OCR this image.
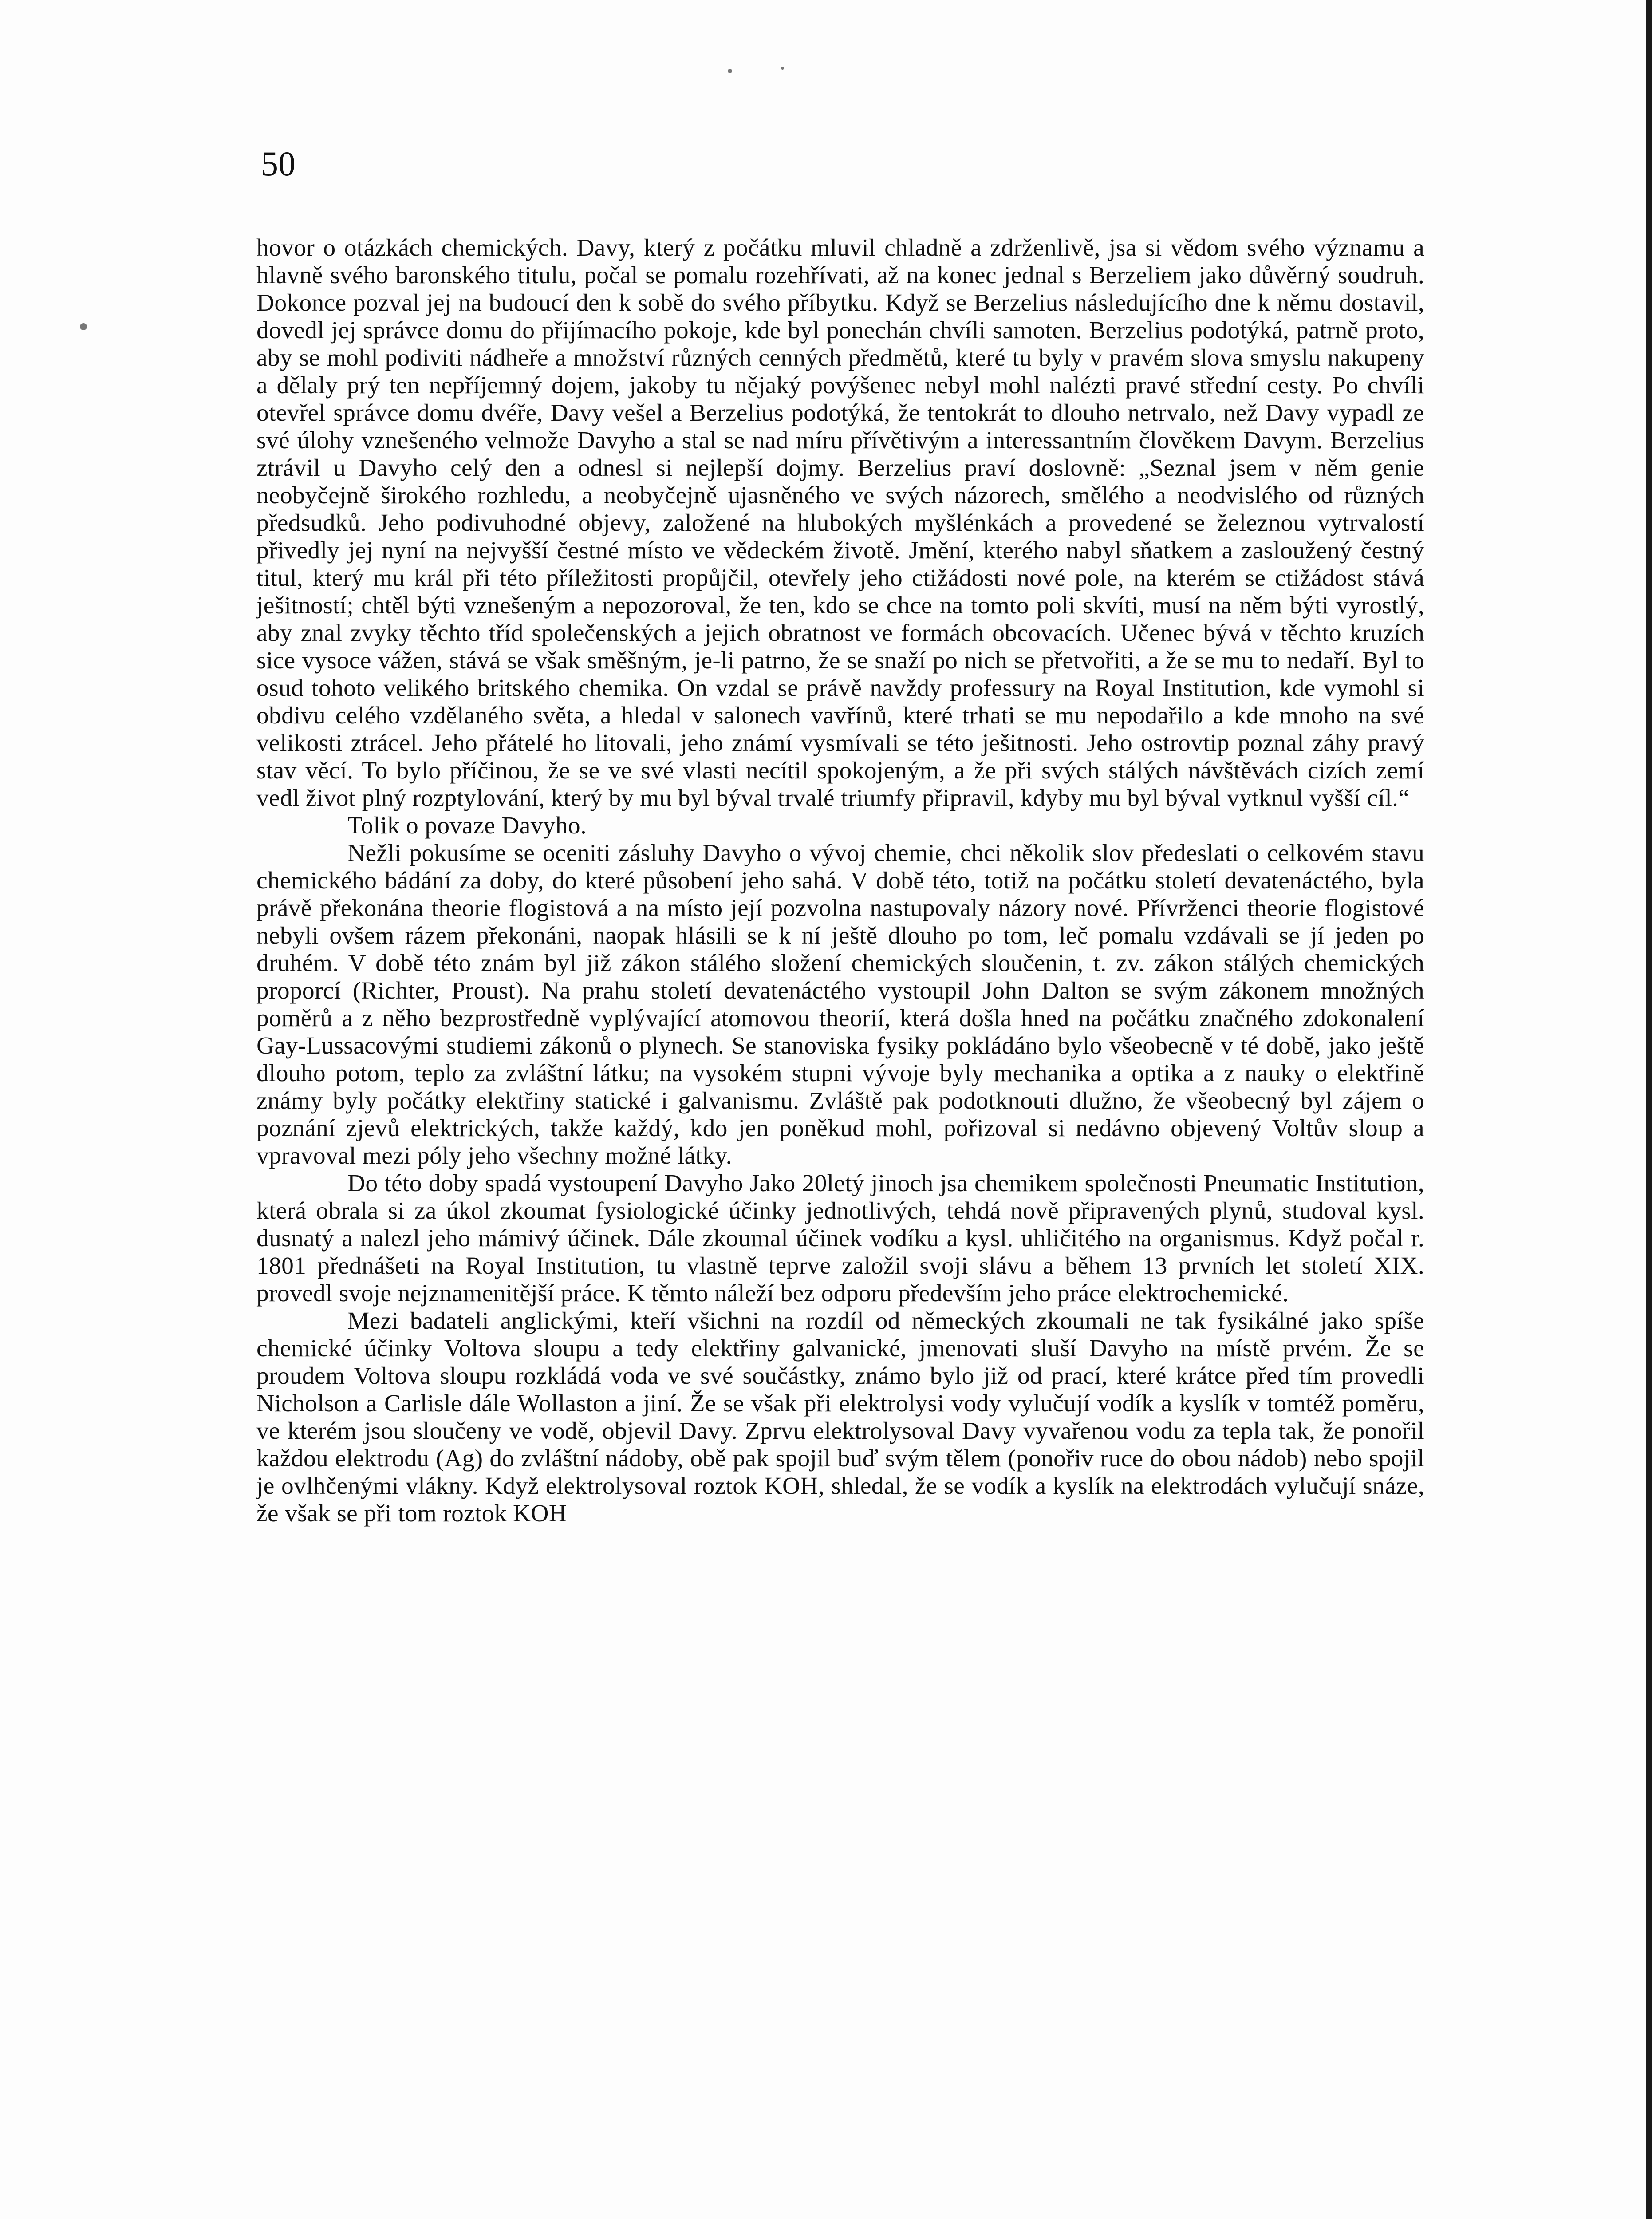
50

hovor o otázkách chemických. Davy, který z počátku mluvil chladně a zdrženlivě, jsa si vědom svého významu a hlavně svého baronského titulu, počal se pomalu rozehřívati, až na konec jednal s Berzeliem jako důvěrný soudruh. Dokonce pozval jej na budoucí den k sobě do svého příbytku. Když se Berzelius následujícího dne k němu dostavil, dovedl jej správce domu do přijímacího pokoje, kde byl ponechán chvíli samoten. Berzelius podotýká, patrně proto, aby se mohl podiviti nádheře a množství různých cenných předmětů, které tu byly v pravém slova smyslu nakupeny a dělaly prý ten nepříjemný dojem, jakoby tu nějaký povýšenec nebyl mohl nalézti pravé střední cesty. Po chvíli otevřel správce domu dvéře, Davy vešel a Berzelius podotýká, že tentokrát to dlouho netrvalo, než Davy vypadl ze své úlohy vznešeného velmože Davyho a stal se nad míru přívětivým a interessantním člověkem Davym. Berzelius ztrávil u Davyho celý den a odnesl si nejlepší dojmy. Berzelius praví doslovně: „Seznal jsem v něm genie neobyčejně širokého rozhledu, a neobyčejně ujasněného ve svých názorech, smělého a neodvislého od různých předsudků. Jeho podivuhodné objevy, založené na hlubokých myšlénkách a provedené se železnou vytrvalostí přivedly jej nyní na nejvyšší čestné místo ve vědeckém životě. Jmění, kterého nabyl sňatkem a zasloužený čestný titul, který mu král při této příležitosti propůjčil, otevřely jeho ctižádosti nové pole, na kterém se ctižádost stává ješitností; chtěl býti vznešeným a nepozoroval, že ten, kdo se chce na tomto poli skvíti, musí na něm býti vyrostlý, aby znal zvyky těchto tříd společenských a jejich obratnost ve formách obcovacích. Učenec bývá v těchto kruzích sice vysoce vážen, stává se však směšným, je-li patrno, že se snaží po nich se přetvořiti, a že se mu to nedaří. Byl to osud tohoto velikého britského chemika. On vzdal se právě navždy professury na Royal Institution, kde vymohl si obdivu celého vzdělaného světa, a hledal v salonech vavřínů, které trhati se mu nepodařilo a kde mnoho na své velikosti ztrácel. Jeho přátelé ho litovali, jeho známí vysmívali se této ješitnosti. Jeho ostrovtip poznal záhy pravý stav věcí. To bylo příčinou, že se ve své vlasti necítil spokojeným, a že při svých stálých návštěvách cizích zemí vedl život plný rozptylování, který by mu byl býval trvalé triumfy připravil, kdyby mu byl býval vytknul vyšší cíl.“

Tolik o povaze Davyho.

Nežli pokusíme se oceniti zásluhy Davyho o vývoj chemie, chci několik slov předeslati o celkovém stavu chemického bádání za doby, do které působení jeho sahá. V době této, totiž na počátku století devatenáctého, byla právě překonána theorie flogistová a na místo její pozvolna nastupovaly názory nové. Přívrženci theorie flogistové nebyli ovšem rázem překonáni, naopak hlásili se k ní ještě dlouho po tom, leč pomalu vzdávali se jí jeden po druhém. V době této znám byl již zákon stálého složení chemických sloučenin, t. zv. zákon stálých chemických proporcí (Richter, Proust). Na prahu století devatenáctého vystoupil John Dalton se svým zákonem množných poměrů a z něho bezprostředně vyplývající atomovou theorií, která došla hned na počátku značného zdokonalení Gay-Lussacovými studiemi zákonů o plynech. Se stanoviska fysiky pokládáno bylo všeobecně v té době, jako ještě dlouho potom, teplo za zvláštní látku; na vysokém stupni vývoje byly mechanika a optika a z nauky o elektřině známy byly počátky elektřiny statické i galvanismu. Zvláště pak podotknouti dlužno, že všeobecný byl zájem o poznání zjevů elektrických, takže každý, kdo jen poněkud mohl, pořizoval si nedávno objevený Voltův sloup a vpravoval mezi póly jeho všechny možné látky.

Do této doby spadá vystoupení Davyho Jako 20letý jinoch jsa chemikem společnosti Pneumatic Institution, která obrala si za úkol zkoumat fysiologické účinky jednotlivých, tehdá nově připravených plynů, studoval kysl. dusnatý a nalezl jeho mámivý účinek. Dále zkoumal účinek vodíku a kysl. uhličitého na organismus. Když počal r. 1801 přednášeti na Royal Institution, tu vlastně teprve založil svoji slávu a během 13 prvních let století XIX. provedl svoje nejznamenitější práce. K těmto náleží bez odporu především jeho práce elektrochemické.

Mezi badateli anglickými, kteří všichni na rozdíl od německých zkoumali ne tak fysikálné jako spíše chemické účinky Voltova sloupu a tedy elektřiny galvanické, jmenovati sluší Davyho na místě prvém. Že se proudem Voltova sloupu rozkládá voda ve své součástky, známo bylo již od prací, které krátce před tím provedli Nicholson a Carlisle dále Wollaston a jiní. Že se však při elektrolysi vody vylučují vodík a kyslík v tomtéž poměru, ve kterém jsou sloučeny ve vodě, objevil Davy. Zprvu elektrolysoval Davy vyvařenou vodu za tepla tak, že ponořil každou elektrodu (Ag) do zvláštní nádoby, obě pak spojil buď svým tělem (ponořiv ruce do obou nádob) nebo spojil je ovlhčenými vlákny. Když elektrolysoval roztok KOH, shledal, že se vodík a kyslík na elektrodách vylučují snáze, že však se při tom roztok KOH
